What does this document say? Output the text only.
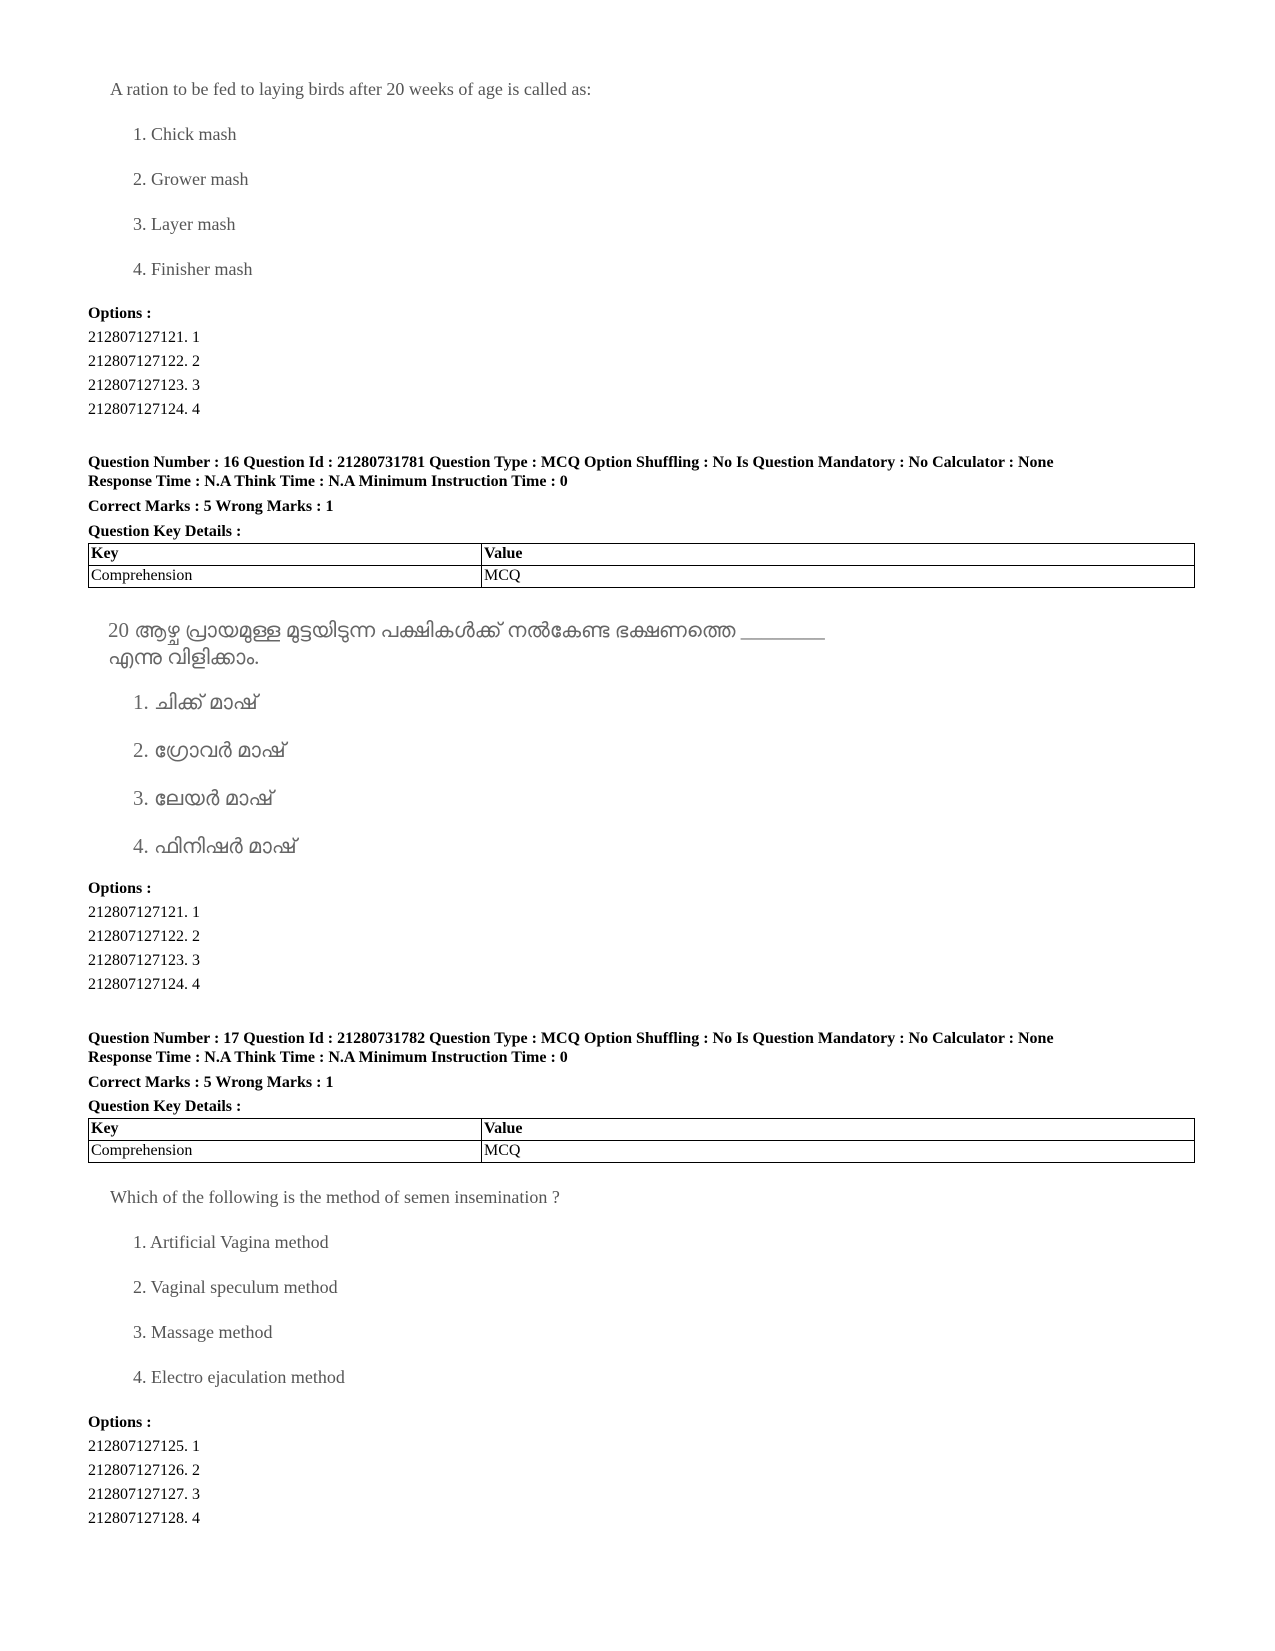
A ration to be fed to laying birds after 20 weeks of age is called as:
1. Chick mash
2. Grower mash
3. Layer mash
4. Finisher mash
Options :
212807127121. 1
212807127122. 2
212807127123. 3
212807127124. 4
Question Number : 16 Question Id : 21280731781 Question Type : MCQ Option Shuffling : No Is Question Mandatory : No Calculator : None
Response Time : N.A Think Time : N.A Minimum Instruction Time : 0
Correct Marks : 5 Wrong Marks : 1
Question Key Details :
Key	Value
Comprehension	MCQ
20 ആഴ്ച പ്രായമുള്ള മുട്ടയിടുന്ന പക്ഷികൾക്ക് നൽകേണ്ട ഭക്ഷണത്തെ ________
എന്നു വിളിക്കാം.
1. ചിക്ക് മാഷ്
2. ഗ്രോവർ മാഷ്
3. ലേയർ മാഷ്
4. ഫിനിഷർ മാഷ്
Options :
212807127121. 1
212807127122. 2
212807127123. 3
212807127124. 4
Question Number : 17 Question Id : 21280731782 Question Type : MCQ Option Shuffling : No Is Question Mandatory : No Calculator : None
Response Time : N.A Think Time : N.A Minimum Instruction Time : 0
Correct Marks : 5 Wrong Marks : 1
Question Key Details :
Key	Value
Comprehension	MCQ
Which of the following is the method of semen insemination ?
1. Artificial Vagina method
2. Vaginal speculum method
3. Massage method
4. Electro ejaculation method
Options :
212807127125. 1
212807127126. 2
212807127127. 3
212807127128. 4
